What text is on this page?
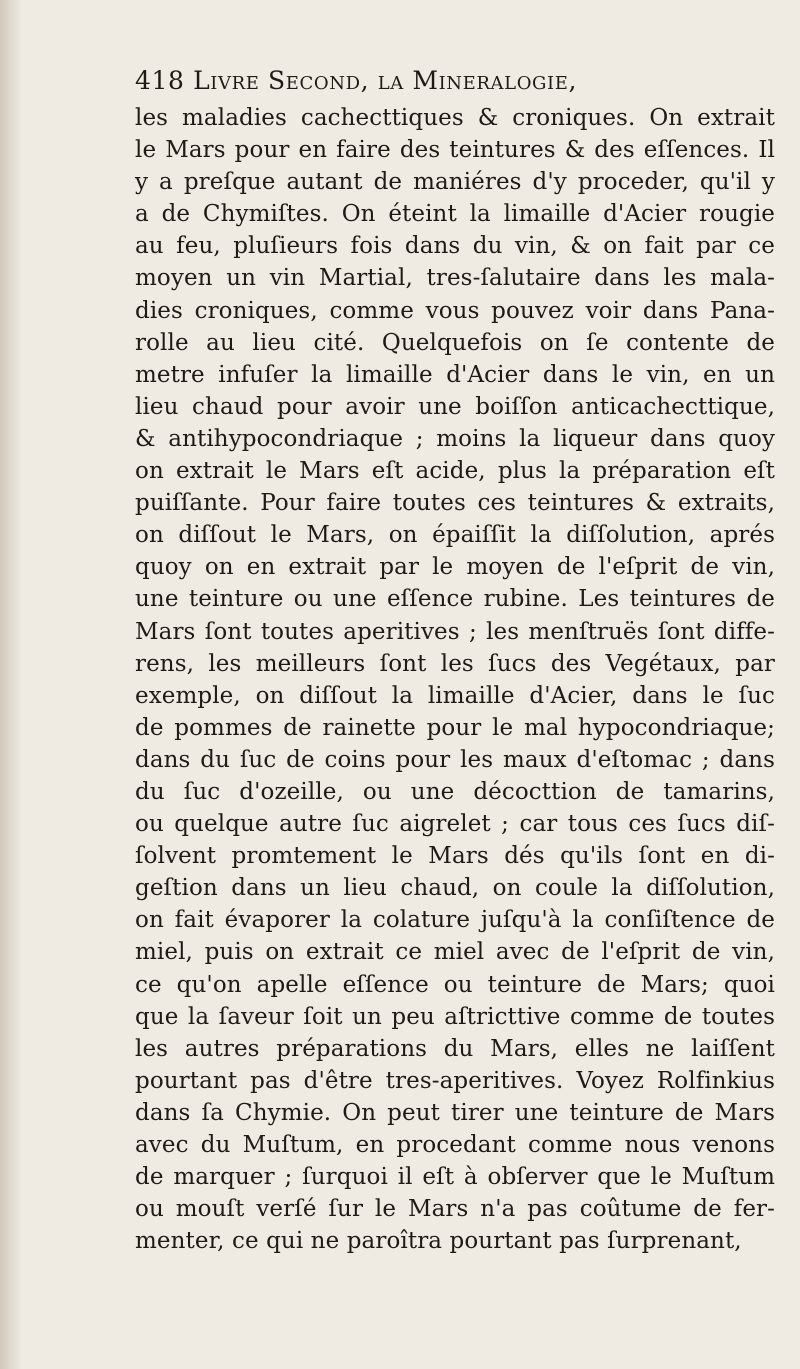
418 Livre Second, la Mineralogie,
les maladies cachecttiques & croniques. On extrait
le Mars pour en faire des teintures & des eſſences. Il
y a preſque autant de maniéres d'y proceder, qu'il y
a de Chymiſtes. On éteint la limaille d'Acier rougie
au feu, pluſieurs fois dans du vin, & on fait par ce
moyen un vin Martial, tres-ſalutaire dans les mala-
dies croniques, comme vous pouvez voir dans Pana-
rolle au lieu cité. Quelquefois on ſe contente de
metre infuſer la limaille d'Acier dans le vin, en un
lieu chaud pour avoir une boiſſon anticachecttique,
& antihypocondriaque ; moins la liqueur dans quoy
on extrait le Mars eſt acide, plus la préparation eſt
puiſſante. Pour faire toutes ces teintures & extraits,
on diſſout le Mars, on épaiſſit la diſſolution, aprés
quoy on en extrait par le moyen de l'eſprit de vin,
une teinture ou une eſſence rubine. Les teintures de
Mars ſont toutes aperitives ; les menſtruës ſont diffe-
rens, les meilleurs ſont les ſucs des Vegétaux, par
exemple, on diſſout la limaille d'Acier, dans le ſuc
de pommes de rainette pour le mal hypocondriaque;
dans du ſuc de coins pour les maux d'eſtomac ; dans
du ſuc d'ozeille, ou une décocttion de tamarins,
ou quelque autre ſuc aigrelet ; car tous ces ſucs diſ-
ſolvent promtement le Mars dés qu'ils ſont en di-
geſtion dans un lieu chaud, on coule la diſſolution,
on fait évaporer la colature juſqu'à la conſiſtence de
miel, puis on extrait ce miel avec de l'eſprit de vin,
ce qu'on apelle eſſence ou teinture de Mars; quoi
que la ſaveur ſoit un peu aſtricttive comme de toutes
les autres préparations du Mars, elles ne laiſſent
pourtant pas d'être tres-aperitives. Voyez Rolfinkius
dans ſa Chymie. On peut tirer une teinture de Mars
avec du Muſtum, en procedant comme nous venons
de marquer ; ſurquoi il eſt à obſerver que le Muſtum
ou mouſt verſé ſur le Mars n'a pas coûtume de fer-
menter, ce qui ne paroîtra pourtant pas ſurprenant,
